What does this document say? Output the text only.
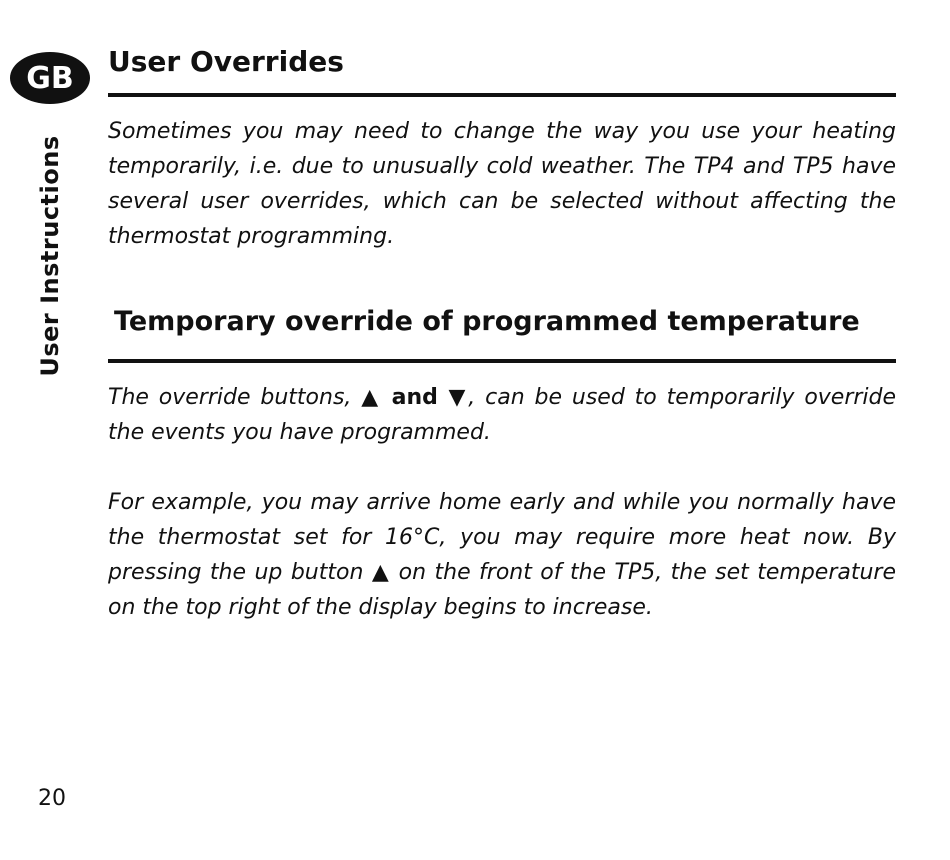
GB
User Instructions
User Overrides

Sometimes you may need to change the way you use your heating temporarily, i.e. due to unusually cold weather. The TP4 and TP5 have several user overrides, which can be selected without affecting the thermostat programming.

Temporary override of programmed temperature

The override buttons, ▲ and ▼, can be used to temporarily override the events you have programmed.

For example, you may arrive home early and while you normally have the thermostat set for 16°C, you may require more heat now. By pressing the up button ▲ on the front of the TP5, the set temperature on the top right of the display begins to increase.

20
